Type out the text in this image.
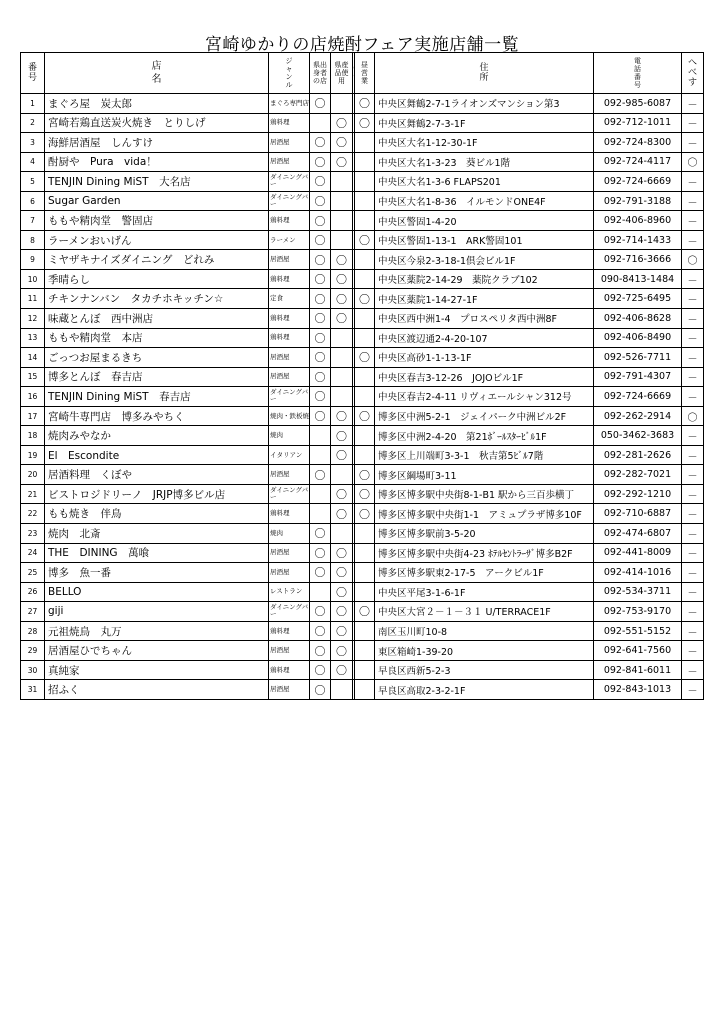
宮崎ゆかりの店焼酎フェア実施店舗一覧
番号	店名	ジャンル	県出身者の店	県産品使用	県 品	昼営業	住所	電話番号	へべす
1	まぐろ屋　炭太郎	まぐろ専門店	〇			〇	中央区舞鶴2-7-1ライオンズマンション第3	092-985-6087	－
2	宮崎若鶏直送炭火焼き　とりしげ	鶏料理		〇		〇	中央区舞鶴2-7-3-1F	092-712-1011	－
3	海鮮居酒屋　しんすけ	居酒屋	〇	〇			中央区大名1-12-30-1F	092-724-8300	－
4	酎厨や　Pura　vida！	居酒屋	〇	〇			中央区大名1-3-23　葵ビル1階	092-724-4117	〇
5	TENJIN Dining MiST　大名店	ダイニングバー	〇				中央区大名1-3-6 FLAPS201	092-724-6669	－
6	Sugar Garden	ダイニングバー	〇				中央区大名1-8-36　イルモンドONE4F	092-791-3188	－
7	ももや精肉堂　警固店	鶏料理	〇				中央区警固1-4-20	092-406-8960	－
8	ラーメンおいげん	ラーメン	〇			〇	中央区警固1-13-1　ARK警固101	092-714-1433	－
9	ミヤザキナイズダイニング　どれみ	居酒屋	〇	〇			中央区今泉2-3-18-1倶会ビル1F	092-716-3666	〇
10	季晴らし	鶏料理	〇	〇			中央区薬院2-14-29　薬院クラブ102	090-8413-1484	－
11	チキンナンバン　タカチホキッチン☆	定食	〇	〇		〇	中央区薬院1-14-27-1F	092-725-6495	－
12	味蔵とんぼ　西中洲店	鶏料理	〇	〇			中央区西中洲1-4　プロスペリタ西中洲8F	092-406-8628	－
13	ももや精肉堂　本店	鶏料理	〇				中央区渡辺通2-4-20-107	092-406-8490	－
14	ごっつお屋まるきち	居酒屋	〇			〇	中央区高砂1-1-13-1F	092-526-7711	－
15	博多とんぼ　春吉店	居酒屋	〇				中央区春吉3-12-26　JOJOビル1F	092-791-4307	－
16	TENJIN Dining MiST　春吉店	ダイニングバー	〇				中央区春吉2-4-11 リヴィエールシャン312号	092-724-6669	－
17	宮崎牛専門店　博多みやちく	焼肉・鉄板焼	〇	〇		〇	博多区中洲5-2-1　ジェイパーク中洲ビル2F	092-262-2914	〇
18	焼肉みやなか	焼肉		〇			博多区中洲2-4-20　第21ﾎﾞｰﾙｽﾀｰﾋﾞﾙ1F	050-3462-3683	－
19	El　Escondite	イタリアン		〇			博多区上川端町3-3-1　秋吉第5ﾋﾞﾙ7階	092-281-2626	－
20	居酒料理　くぼや	居酒屋	〇			〇	博多区綱場町3-11	092-282-7021	－
21	ビストロジドリーノ　JRJP博多ビル店	ダイニングバー		〇		〇	博多区博多駅中央街8-1-B1 駅から三百歩横丁	092-292-1210	－
22	もも焼き　伴鳥	鶏料理		〇		〇	博多区博多駅中央街1-1　アミュプラザ博多10F	092-710-6887	－
23	焼肉　北斎	焼肉	〇				博多区博多駅前3-5-20	092-474-6807	－
24	THE　DINING　萬喰	居酒屋	〇	〇			博多区博多駅中央街4-23 ﾎﾃﾙｾﾝﾄﾗｰｻﾞ博多B2F	092-441-8009	－
25	博多　魚一番	居酒屋	〇	〇			博多区博多駅東2-17-5　アークビル1F	092-414-1016	－
26	BELLO	レストラン		〇			中央区平尾3-1-6-1F	092-534-3711	－
27	giji	ダイニングバー	〇	〇		〇	中央区大宮２－１－３１ U/TERRACE1F	092-753-9170	－
28	元祖焼鳥　丸万	鶏料理	〇	〇			南区玉川町10-8	092-551-5152	－
29	居酒屋ひでちゃん	居酒屋	〇	〇			東区箱崎1-39-20	092-641-7560	－
30	真純家	鶏料理	〇	〇			早良区西新5-2-3	092-841-6011	－
31	招ふく	居酒屋	〇				早良区高取2-3-2-1F	092-843-1013	－
